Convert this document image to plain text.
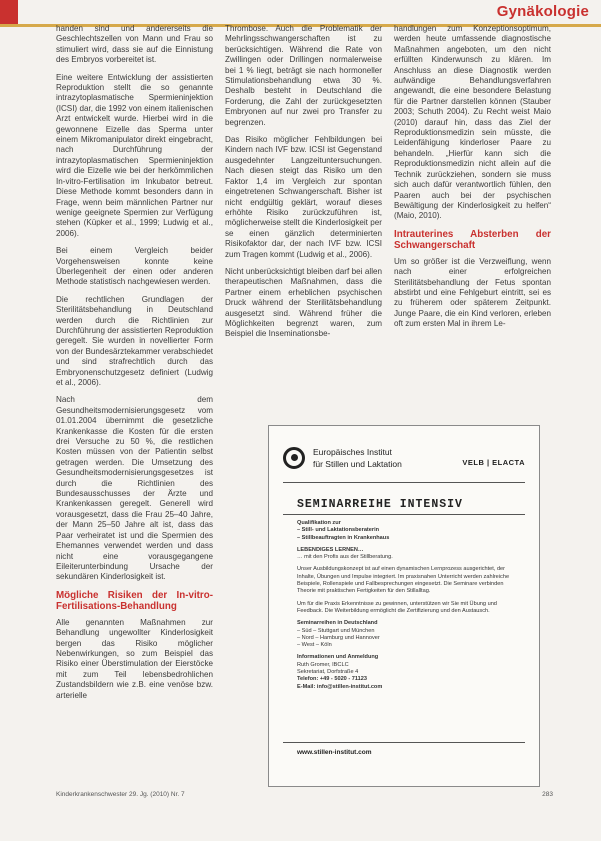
Gynäkologie

handen sind und andererseits die Geschlechtszellen von Mann und Frau so stimuliert wird, dass sie auf die Einnistung des Embryos vorbereitet ist.

Eine weitere Entwicklung der assistierten Reproduktion stellt die so genannte intrazytoplasmatische Spermieninjektion (ICSI) dar, die 1992 von einem italienischen Arzt entwickelt wurde. Hierbei wird in die gewonnene Eizelle das Sperma unter einem Mikromanipulator direkt eingebracht, nach Durchführung der intrazytoplasmatischen Spermieninjektion wird die Eizelle wie bei der herkömmlichen In-vitro-Fertilisation im Inkubator betreut. Diese Methode kommt besonders dann in Frage, wenn beim männlichen Partner nur wenige geeignete Spermien zur Verfügung stehen (Küpker et al., 1999; Ludwig et al., 2006).

Bei einem Vergleich beider Vorgehensweisen konnte keine Überlegenheit der einen oder anderen Methode statistisch nachgewiesen werden.

Die rechtlichen Grundlagen der Sterilitätsbehandlung in Deutschland werden durch die Richtlinien zur Durchführung der assistierten Reproduktion geregelt. Sie wurden in novellierter Form von der Bundesärztekammer verabschiedet und sind strafrechtlich durch das Embryonenschutzgesetz definiert (Ludwig et al., 2006).

Nach dem Gesundheitsmodernisierungsgesetz vom 01.01.2004 übernimmt die gesetzliche Krankenkasse die Kosten für die ersten drei Versuche zu 50 %, die restlichen Kosten müssen von der Patientin selbst getragen werden. Die Umsetzung des Gesundheitsmodernisierungsgesetzes ist durch die Richtlinien des Bundesausschusses der Ärzte und Krankenkassen geregelt. Generell wird vorausgesetzt, dass die Frau 25–40 Jahre, der Mann 25–50 Jahre alt ist, dass das Paar verheiratet ist und die Spermien des Ehemannes verwendet werden und dass nicht eine vorausgegangene Eileiterunterbindung Ursache der sekundären Kinderlosigkeit ist.

Mögliche Risiken der In-vitro-Fertilisations-Behandlung

Alle genannten Maßnahmen zur Behandlung ungewollter Kinderlosigkeit bergen das Risiko möglicher Nebenwirkungen, so zum Beispiel das Risiko einer Überstimulation der Eierstöcke mit zum Teil lebensbedrohlichen Zustandsbildern wie z.B. eine venöse bzw. arterielle

Thrombose. Auch die Problematik der Mehrlingsschwangerschaften ist zu berücksichtigen. Während die Rate von Zwillingen oder Drillingen normalerweise bei 1 % liegt, beträgt sie nach hormoneller Stimulationsbehandlung etwa 30 %. Deshalb besteht in Deutschland die Forderung, die Zahl der zurückgesetzten Embryonen auf nur zwei pro Transfer zu begrenzen.

Das Risiko möglicher Fehlbildungen bei Kindern nach IVF bzw. ICSI ist Gegenstand ausgedehnter Langzeituntersuchungen. Nach diesen steigt das Risiko um den Faktor 1,4 im Vergleich zur spontan eingetretenen Schwangerschaft. Bisher ist nicht endgültig geklärt, worauf dieses erhöhte Risiko zurückzuführen ist, möglicherweise stellt die Kinderlosigkeit per se einen gänzlich determinierten Risikofaktor dar, der nach IVF bzw. ICSI zum Tragen kommt (Ludwig et al., 2006).

Nicht unberücksichtigt bleiben darf bei allen therapeutischen Maßnahmen, dass die Partner einem erheblichen psychischen Druck während der Sterilitätsbehandlung ausgesetzt sind. Während früher die Möglichkeiten begrenzt waren, zum Beispiel die Inseminationsbe-

handlungen zum Konzeptionsoptimum, werden heute umfassende diagnostische Maßnahmen angeboten, um den nicht erfüllten Kinderwunsch zu klären. Im Anschluss an diese Diagnostik werden aufwändige Behandlungsverfahren angewandt, die eine besondere Belastung für die Partner darstellen können (Stauber 2003; Schuth 2004). Zu Recht weist Maio (2010) darauf hin, dass das Ziel der Reproduktionsmedizin sein müsste, die Leidenfähigung kinderloser Paare zu behandeln. „Hierfür kann sich die Reproduktionsmedizin nicht allein auf die Technik zurückziehen, sondern sie muss sich auch dafür verantwortlich fühlen, den Paaren auch bei der psychischen Bewältigung der Kinderlosigkeit zu helfen“ (Maio, 2010).

Intrauterines Absterben der Schwangerschaft

Um so größer ist die Verzweiflung, wenn nach einer erfolgreichen Sterilitätsbehandlung der Fetus spontan abstirbt und eine Fehlgeburt eintritt, sei es zu früherem oder späterem Zeitpunkt. Junge Paare, die ein Kind verloren, erleben oft zum ersten Mal in ihrem Le-

Europäisches Institut
für Stillen und Laktation	VELB | ELACTA
SEMINARREIHE INTENSIV
Qualifikation zur
– Still- und Laktationsberaterin
– Stillbeauftragten in Krankenhaus
LEBENDIGES LERNEN…
… mit den Profis aus der Stillberatung.
Unser Ausbildungskonzept ist auf einen dynamischen Lernprozess ausgerichtet, der Inhalte, Übungen und Impulse integriert. Im praxisnahen Unterricht werden zahlreiche Beispiele, Rollenspiele und Fallbesprechungen eingesetzt. Die Seminare verbinden Theorie mit praktischen Fertigkeiten für den Stillalltag.
Um für die Praxis Erkenntnisse zu gewinnen, unterstützen wir Sie mit Übung und Feedback. Die Weiterbildung ermöglicht die Zertifizierung und den Austausch.
Seminarreihen in Deutschland
– Süd – Stuttgart und München
– Nord – Hamburg und Hannover
– West – Köln
Informationen und Anmeldung
Ruth Gromer, IBCLC
Sekretariat, Dorfstraße 4
Telefon: +49 - 5020 - 71123
E-Mail: info@stillen-institut.com
www.stillen-institut.com
Kinderkrankenschwester 29. Jg. (2010) Nr. 7	283
